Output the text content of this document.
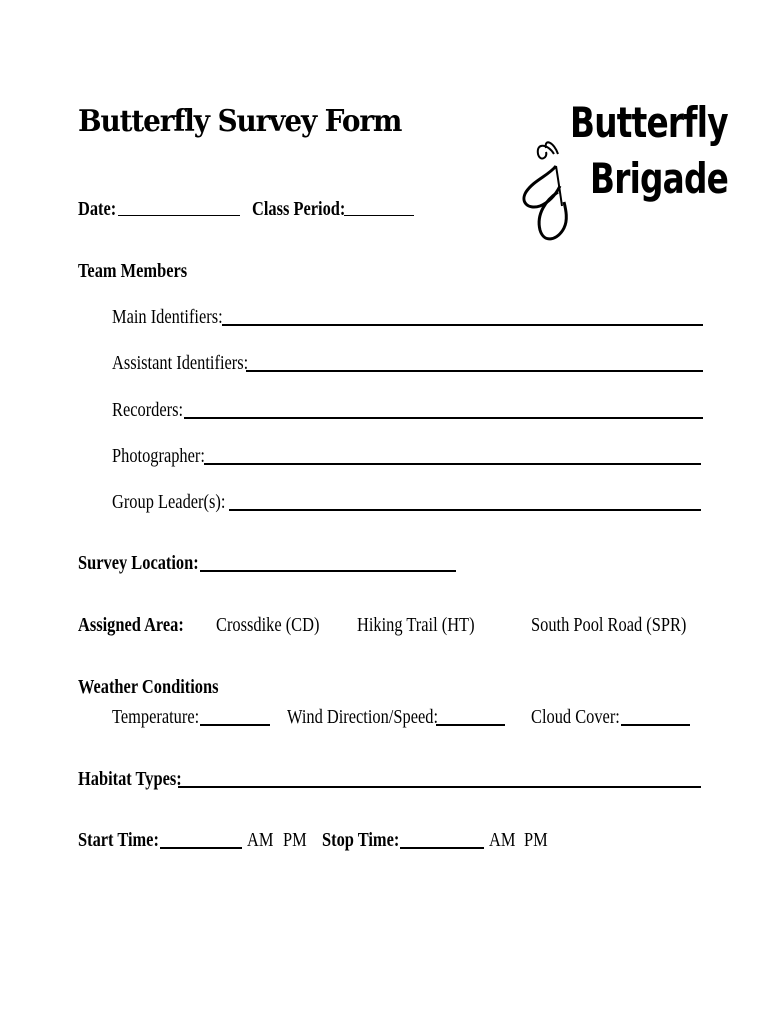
Butterfly Survey Form	Butterfly
Brigade
Date:	Class Period:
Team Members
Main Identifiers:
Assistant Identifiers:
Recorders:
Photographer:
Group Leader(s):
Survey Location:
Assigned Area: Crossdike (CD) Hiking Trail (HT)	South Pool Road (SPR)
Weather Conditions
Temperature:	Wind Direction/Speed:	Cloud Cover:
Habitat Types:
Start Time:	AM PM Stop Time:	AM PM
